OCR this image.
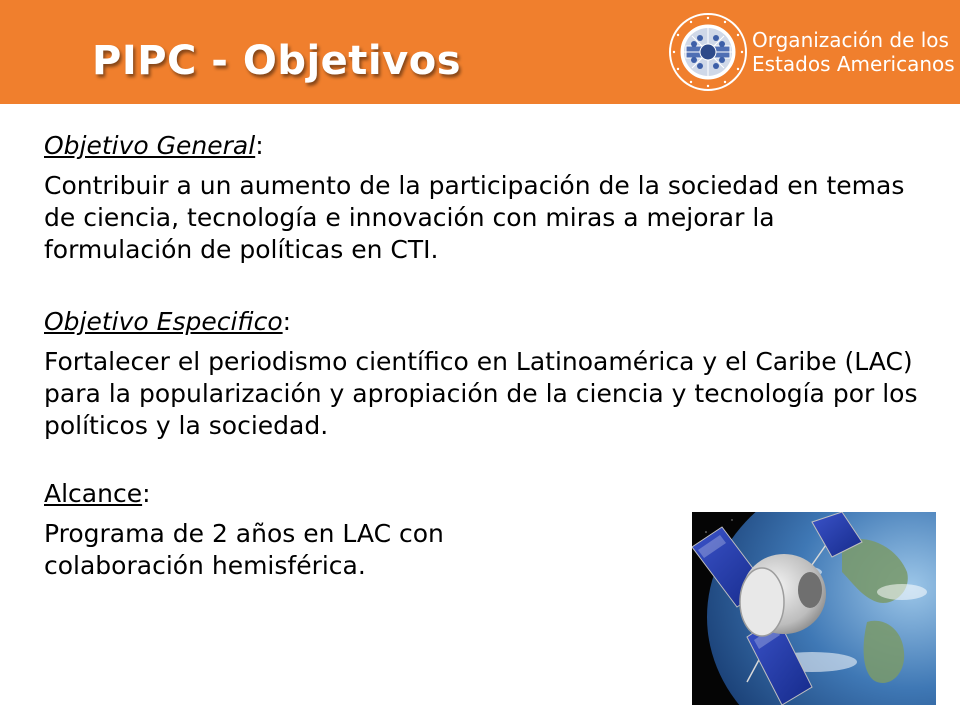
PIPC - Objetivos	Organización de los
Estados Americanos

Objetivo General:

Contribuir a un aumento de la participación de la sociedad en temas de ciencia, tecnología e innovación con miras a mejorar la formulación de políticas en CTI.

Objetivo Especifico:

Fortalecer el periodismo científico en Latinoamérica y el Caribe (LAC) para la popularización y apropiación de la ciencia y tecnología por los políticos y la sociedad.

Alcance:

Programa de 2 años en LAC con colaboración hemisférica.
